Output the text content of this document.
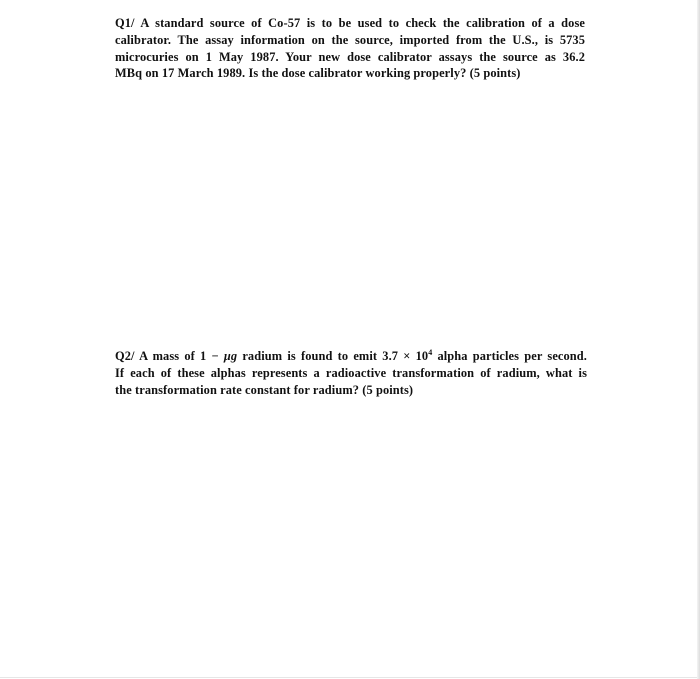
Q1/ A standard source of Co-57 is to be used to check the calibration of a dose
calibrator. The assay information on the source, imported from the U.S., is 5735
microcuries on 1 May 1987. Your new dose calibrator assays the source as 36.2
MBq on 17 March 1989. Is the dose calibrator working properly? (5 points)
Q2/ A mass of 1 − μg radium is found to emit $3.7 \times 10^4$ alpha particles per second.
If each of these alphas represents a radioactive transformation of radium, what is
the transformation rate constant for radium? (5 points)
